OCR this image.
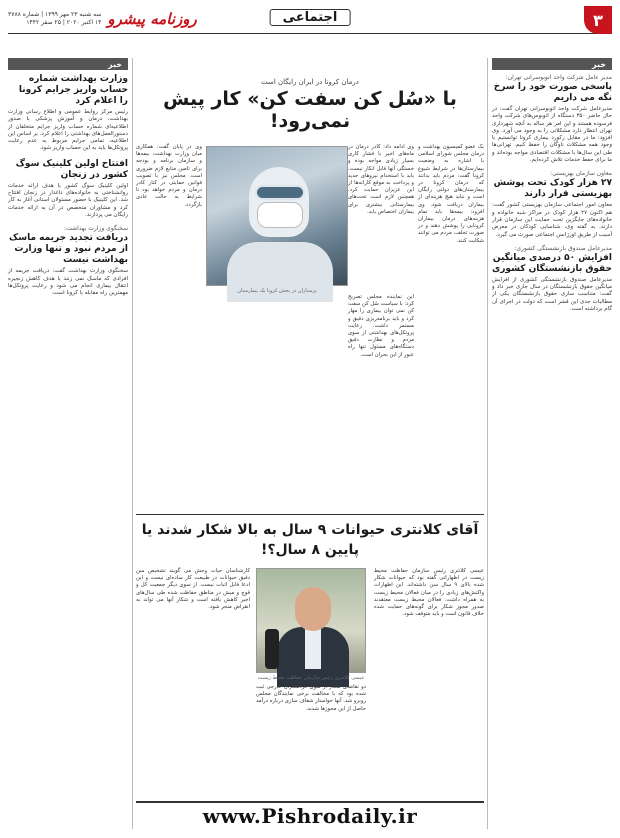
۳
اجتماعی
روزنامه پیشرو
سه شنبه ۲۳ مهر ۱۳۹۹ | شماره ۳۷۸۸
۱۴ اکتبر ۲۰۲۰ | ۲۵ صفر ۱۴۴۲
خبر
مدیر عامل شرکت واحد اتوبوسرانی تهران:
پاسخی صورت خود را سرخ نگه می داریم
مدیرعامل شرکت واحد اتوبوسرانی تهران گفت: در حال حاضر ۳۵۰ دستگاه از اتوبوس‌های شرکت واحد فرسوده هستند و این امر هر ساله به آنچه شهرداری تهران انتظار دارد مشکلاتی را به وجود می آورد. وی افزود: ما در مقابل رکورد بیماری کرونا توانستیم با وجود همه مشکلات ناوگان را حفظ کنیم. تهرانی‌ها طی این سال‌ها با مشکلات اقتصادی مواجه بوده‌اند و ما برای حفظ خدمات تلاش کرده‌ایم.
معاون سازمان بهزیستی:
۲۷ هزار کودک تحت پوشش بهزیستی قرار دارند
معاون امور اجتماعی سازمان بهزیستی کشور گفت: هم اکنون ۲۷ هزار کودک در مراکز شبه خانواده و خانواده‌های جایگزین تحت حمایت این سازمان قرار دارند. به گفته وی، شناسایی کودکان در معرض آسیب از طریق اورژانس اجتماعی صورت می گیرد.
مدیرعامل صندوق بازنشستگی کشوری:
افزایش ۵۰ درصدی میانگین حقوق بازنشستگان کشوری
مدیرعامل صندوق بازنشستگی کشوری از افزایش میانگین حقوق بازنشستگان در سال جاری خبر داد و گفت: متناسب سازی حقوق بازنشستگان یکی از مطالبات جدی این قشر است که دولت در اجرای آن گام برداشته است.
خبر
وزارت بهداشت شماره حساب واریز جرایم کرونا را اعلام کرد
رئیس مرکز روابط عمومی و اطلاع رسانی وزارت بهداشت، درمان و آموزش پزشکی با صدور اطلاعیه‌ای شماره حساب واریز جرایم متخلفان از دستورالعمل‌های بهداشتی را اعلام کرد. بر اساس این اطلاعیه، تمامی جرایم مربوط به عدم رعایت پروتکل‌ها باید به این حساب واریز شود.
افتتاح اولین کلینیک سوگ کشور در زنجان
اولین کلینیک سوگ کشور با هدف ارائه خدمات روانشناختی به خانواده‌های داغدار در زنجان افتتاح شد. این کلینیک با حضور مسئولان استانی آغاز به کار کرد و مشاوران متخصص در آن به ارائه خدمات رایگان می پردازند.
سخنگوی وزارت بهداشت:
دریافت تجدید جریمه ماسک از مردم نبود و تنها وزارت بهداشت نیست
سخنگوی وزارت بهداشت گفت: دریافت جریمه از افرادی که ماسک نمی زنند با هدف کاهش زنجیره انتقال بیماری انجام می شود و رعایت پروتکل‌ها مهمترین راه مقابله با کرونا است.
درمان کرونا در ایران رایگان است
با «سُل کن سفت کن» کار پیش نمی‌رود!
یک عضو کمیسیون بهداشت و درمان مجلس شورای اسلامی با اشاره به وضعیت بیمارستان‌ها در شرایط شیوع کرونا گفت: مردم باید بدانند که درمان کرونا در بیمارستان‌های دولتی رایگان است و نباید هیچ هزینه‌ای از بیماران دریافت شود. وی افزود: بیمه‌ها باید تمام هزینه‌های درمان بیماران کرونایی را پوشش دهند و در صورت تخلف، مردم می توانند شکایت کنند.
وی ادامه داد: کادر درمان در ماه‌های اخیر با فشار کاری بسیار زیادی مواجه بوده و خستگی آنها قابل انکار نیست. باید با استخدام نیروهای جدید و پرداخت به موقع کارانه‌ها از این عزیزان حمایت کرد. همچنین لازم است تخت‌های بیمارستانی بیشتری برای بیماران اختصاص یابد.
این نماینده مجلس تصریح کرد: با سیاست سُل کن سفت کن نمی توان بیماری را مهار کرد و باید برنامه‌ریزی دقیق و مستمر داشت. رعایت پروتکل‌های بهداشتی از سوی مردم و نظارت دقیق دستگاه‌های مسئول تنها راه عبور از این بحران است.
وی در پایان گفت: همکاری میان وزارت بهداشت، بیمه‌ها و سازمان برنامه و بودجه برای تامین منابع لازم ضروری است. مجلس نیز با تصویب قوانین حمایتی در کنار کادر درمان و مردم خواهد بود تا شرایط به حالت عادی بازگردد.
پرستاران در بخش کرونا یک بیمارستان
آقای کلانتری حیوانات ۹ سال به بالا شکار شدند یا پایین ۸ سال؟!
عیسی کلانتری رئیس سازمان حفاظت محیط زیست در اظهاراتی گفته بود که حیوانات شکار شده بالای ۹ سال سن داشته‌اند. این اظهارات واکنش‌های زیادی را در میان فعالان محیط زیست به همراه داشت. فعالان محیط زیست معتقدند صدور مجوز شکار برای گونه‌های حمایت شده خلاف قانون است و باید متوقف شود.
عیسی کلانتری رئیس سازمان حفاظت محیط زیست
دو تقاضای شکار از سوی گردشگران خارجی ثبت شده بود که با مخالفت برخی نمایندگان مجلس روبرو شد. آنها خواستار شفاف سازی درباره درآمد حاصل از این مجوزها شدند.
کارشناسان حیات وحش می گویند تشخیص سن دقیق حیوانات در طبیعت کار ساده‌ای نیست و این ادعا قابل اثبات نیست. از سوی دیگر جمعیت کل و قوچ و میش در مناطق حفاظت شده طی سال‌های اخیر کاهش یافته است و شکار آنها می تواند به انقراض منجر شود.
www.Pishrodaily.ir
